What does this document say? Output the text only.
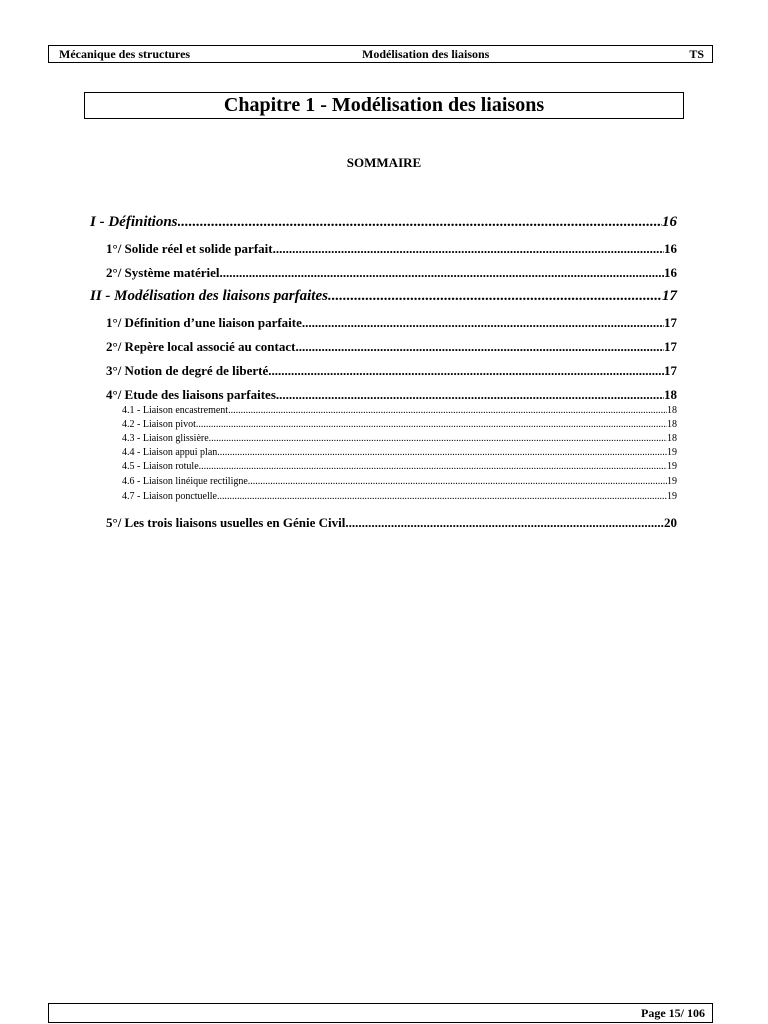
Mécanique des structures	Modélisation des liaisons	TS
Chapitre 1 - Modélisation des liaisons
SOMMAIRE
I - Définitions .....	16
1°/ Solide réel et solide parfait. .....	16
2°/ Système matériel. .....	16
II - Modélisation des liaisons parfaites. .....	17
1°/ Définition d’une liaison parfaite. .....	17
2°/ Repère local associé au contact. .....	17
3°/ Notion de degré de liberté .....	17
4°/ Etude des liaisons parfaites. .....	18
4.1 - Liaison encastrement. .....	18
4.2 - Liaison pivot .....	18
4.3 - Liaison glissière .....	18
4.4 - Liaison appui plan. .....	19
4.5 - Liaison rotule. .....	19
4.6 - Liaison linéique rectiligne. .....	19
4.7 - Liaison ponctuelle. .....	19
5°/ Les trois liaisons usuelles en Génie Civil. .....	20
Page 15/ 106
